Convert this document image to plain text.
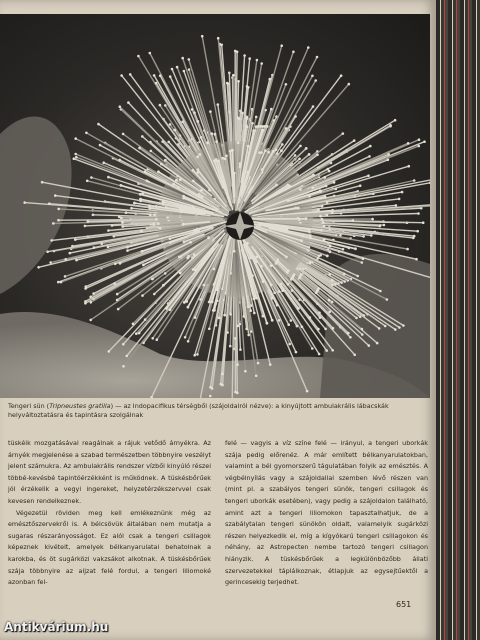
Tengeri sün (Tripneustes gratilla) — az Indopacifikus térségből (szájoldalról nézve): a kinyújtott ambulakrális lábacskák helyváltoztatásra és tapintásra szolgálnak

tüskéik mozgatásával reagálnak a rájuk vetődő árnyékra. Az árnyék megjelenése a szabad természetben többnyire veszélyt jelent számukra. Az ambulakrális rendszer vízből kinyúló részei többé-kevésbé tapintóérzékként is működnek. A tüskésbőrűek jól érzékelik a vegyi ingereket, helyzetérzékszervvel csak kevesen rendelkeznek.

Végezetül röviden meg kell emlékeznünk még az emésztőszervekről is. A bélcsövük általában nem mutatja a sugaras részarányosságot. Ez alól csak a tengeri csillagok képeznek kivételt, amelyek bélkanyarulatai behatolnak a karokba, és öt sugárközi vakzsákot alkotnak. A tüskésbőrűek szája többnyire az aljzat felé fordul, a tengeri liliomoké azonban fel-

felé — vagyis a víz színe felé — irányul, a tengeri uborkák szája pedig előrenéz. A már említett bélkanyarulatokban, valamint a bél gyomorszerű tágulatában folyik az emésztés. A végbélnyílás vagy a szájoldallal szemben lévő részen van (mint pl. a szabályos tengeri sünök, tengeri csillagok és tengeri uborkák esetében), vagy pedig a szájoldalon található, amint azt a tengeri liliomokon tapasztalhatjuk, de a szabálytalan tengeri sünökön oldalt, valamelyik sugárközi részen helyezkedik el, míg a kígyókarú tengeri csillagokon és néhány, az Astropecten nembe tartozó tengeri csillagon hiányzik. A tüskésbőrűek a legkülönbözőbb állati szervezetekkel táplálkoznak, étlapjuk az egysejtűektől a gerincesekig terjedhet.

651
Antikvárium.hu
